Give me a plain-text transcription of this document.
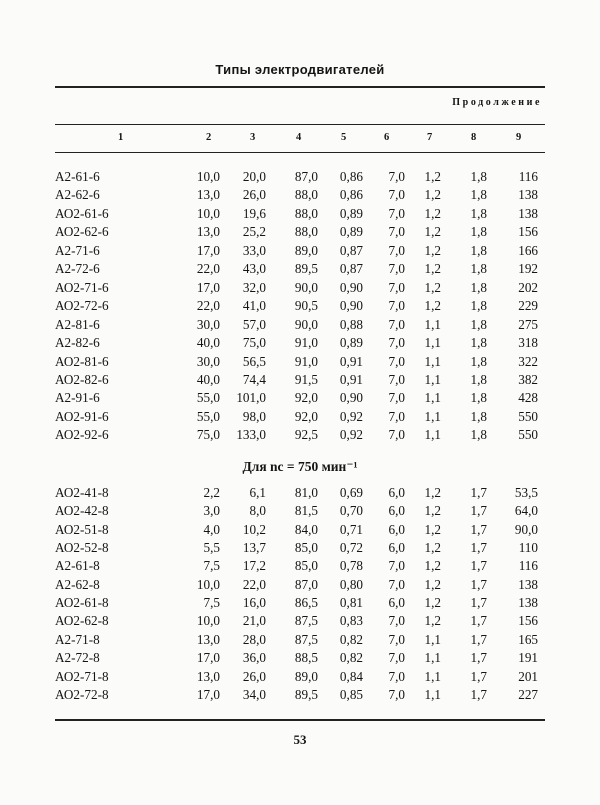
Типы электродвигателей
Продолжение
1	2	3	4	5	6	7	8	9
А2-61-6	10,0 20,0 87,0 0,86 7,0 1,2 1,8 116
А2-62-6	13,0 26,0 88,0 0,86 7,0 1,2 1,8 138
АО2-61-6	10,0 19,6 88,0 0,89 7,0 1,2 1,8 138
АО2-62-6	13,0 25,2 88,0 0,89 7,0 1,2 1,8 156
А2-71-6	17,0 33,0 89,0 0,87 7,0 1,2 1,8 166
А2-72-6	22,0 43,0 89,5 0,87 7,0 1,2 1,8 192
АО2-71-6	17,0 32,0 90,0 0,90 7,0 1,2 1,8 202
АО2-72-6	22,0 41,0 90,5 0,90 7,0 1,2 1,8 229
А2-81-6	30,0 57,0 90,0 0,88 7,0 1,1 1,8 275
А2-82-6	40,0 75,0 91,0 0,89 7,0 1,1 1,8 318
АО2-81-6	30,0 56,5 91,0 0,91 7,0 1,1 1,8 322
АО2-82-6	40,0 74,4 91,5 0,91 7,0 1,1 1,8 382
А2-91-6	55,0 101,0 92,0 0,90 7,0 1,1 1,8 428
АО2-91-6	55,0 98,0 92,0 0,92 7,0 1,1 1,8 550
АО2-92-6	75,0 133,0 92,5 0,92 7,0 1,1 1,8 550
Для nс = 750 мин⁻¹
АО2-41-8	2,2 6,1 81,0 0,69 6,0 1,2 1,7 53,5
АО2-42-8	3,0 8,0 81,5 0,70 6,0 1,2 1,7 64,0
АО2-51-8	4,0 10,2 84,0 0,71 6,0 1,2 1,7 90,0
АО2-52-8	5,5 13,7 85,0 0,72 6,0 1,2 1,7 110
А2-61-8	7,5 17,2 85,0 0,78 7,0 1,2 1,7 116
А2-62-8	10,0 22,0 87,0 0,80 7,0 1,2 1,7 138
АО2-61-8	7,5 16,0 86,5 0,81 6,0 1,2 1,7 138
АО2-62-8	10,0 21,0 87,5 0,83 7,0 1,2 1,7 156
А2-71-8	13,0 28,0 87,5 0,82 7,0 1,1 1,7 165
А2-72-8	17,0 36,0 88,5 0,82 7,0 1,1 1,7 191
АО2-71-8	13,0 26,0 89,0 0,84 7,0 1,1 1,7 201
АО2-72-8	17,0 34,0 89,5 0,85 7,0 1,1 1,7 227
53
